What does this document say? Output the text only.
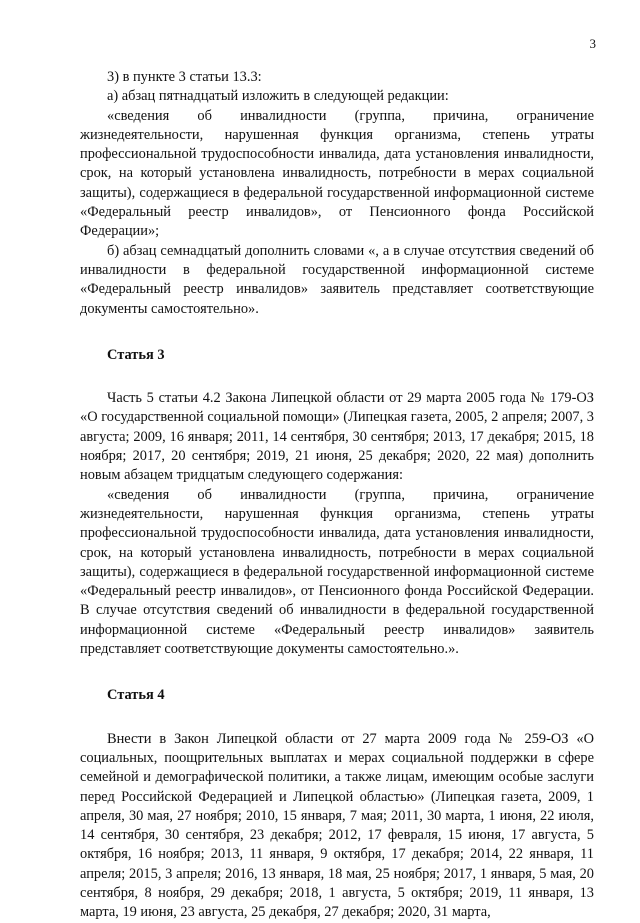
3

3) в пункте 3 статьи 13.3:

а) абзац пятнадцатый изложить в следующей редакции:

«сведения об инвалидности (группа, причина, ограничение жизнедеятельности, нарушенная функция организма, степень утраты профессиональной трудоспособности инвалида, дата установления инвалидности, срок, на который установлена инвалидность, потребности в мерах социальной защиты), содержащиеся в федеральной государственной информационной системе «Федеральный реестр инвалидов», от Пенсионного фонда Российской Федерации»;

б) абзац семнадцатый дополнить словами «, а в случае отсутствия сведений об инвалидности в федеральной государственной информационной системе «Федеральный реестр инвалидов» заявитель представляет соответствующие документы самостоятельно».

Статья 3

Часть 5 статьи 4.2 Закона Липецкой области от 29 марта 2005 года № 179-ОЗ «О государственной социальной помощи» (Липецкая газета, 2005, 2 апреля; 2007, 3 августа; 2009, 16 января; 2011, 14 сентября, 30 сентября; 2013, 17 декабря; 2015, 18 ноября; 2017, 20 сентября; 2019, 21 июня, 25 декабря; 2020, 22 мая) дополнить новым абзацем тридцатым следующего содержания:

«сведения об инвалидности (группа, причина, ограничение жизнедеятельности, нарушенная функция организма, степень утраты профессиональной трудоспособности инвалида, дата установления инвалидности, срок, на который установлена инвалидность, потребности в мерах социальной защиты), содержащиеся в федеральной государственной информационной системе «Федеральный реестр инвалидов», от Пенсионного фонда Российской Федерации. В случае отсутствия сведений об инвалидности в федеральной государственной информационной системе «Федеральный реестр инвалидов» заявитель представляет соответствующие документы самостоятельно.».

Статья 4

Внести в Закон Липецкой области от 27 марта 2009 года № 259-ОЗ «О социальных, поощрительных выплатах и мерах социальной поддержки в сфере семейной и демографической политики, а также лицам, имеющим особые заслуги перед Российской Федерацией и Липецкой областью» (Липецкая газета, 2009, 1 апреля, 30 мая, 27 ноября; 2010, 15 января, 7 мая; 2011, 30 марта, 1 июня, 22 июля, 14 сентября, 30 сентября, 23 декабря; 2012, 17 февраля, 15 июня, 17 августа, 5 октября, 16 ноября; 2013, 11 января, 9 октября, 17 декабря; 2014, 22 января, 11 апреля; 2015, 3 апреля; 2016, 13 января, 18 мая, 25 ноября; 2017, 1 января, 5 мая, 20 сентября, 8 ноября, 29 декабря; 2018, 1 августа, 5 октября; 2019, 11 января, 13 марта, 19 июня, 23 августа, 25 декабря, 27 декабря; 2020, 31 марта,
